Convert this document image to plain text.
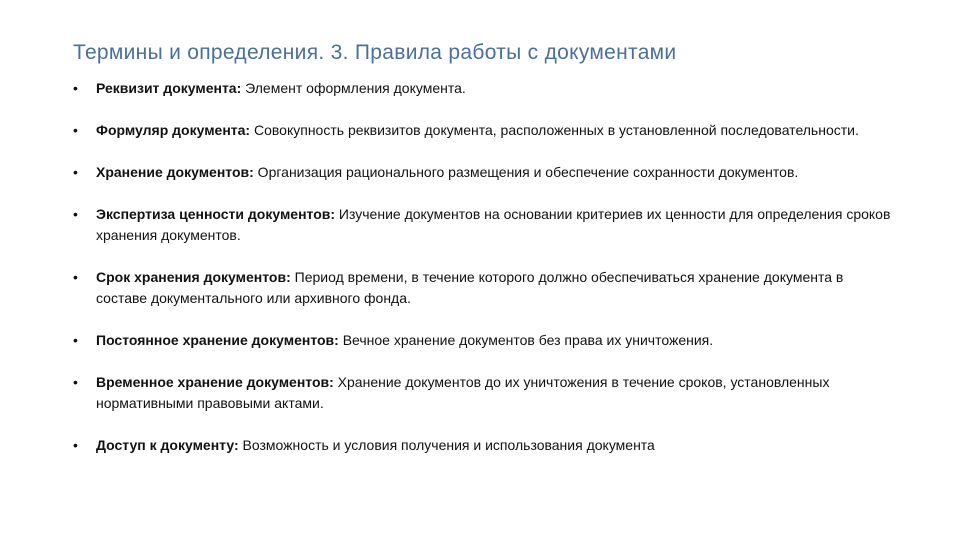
Термины и определения. 3. Правила работы с документами
• Реквизит документа: Элемент оформления документа.
• Формуляр документа: Совокупность реквизитов документа, расположенных в установленной последовательности.
• Хранение документов: Организация рационального размещения и обеспечение сохранности документов.
• Экспертиза ценности документов: Изучение документов на основании критериев их ценности для определения сроков хранения документов.
• Срок хранения документов: Период времени, в течение которого должно обеспечиваться хранение документа в составе документального или архивного фонда.
• Постоянное хранение документов: Вечное хранение документов без права их уничтожения.
• Временное хранение документов: Хранение документов до их уничтожения в течение сроков, установленных нормативными правовыми актами.
• Доступ к документу: Возможность и условия получения и использования документа
